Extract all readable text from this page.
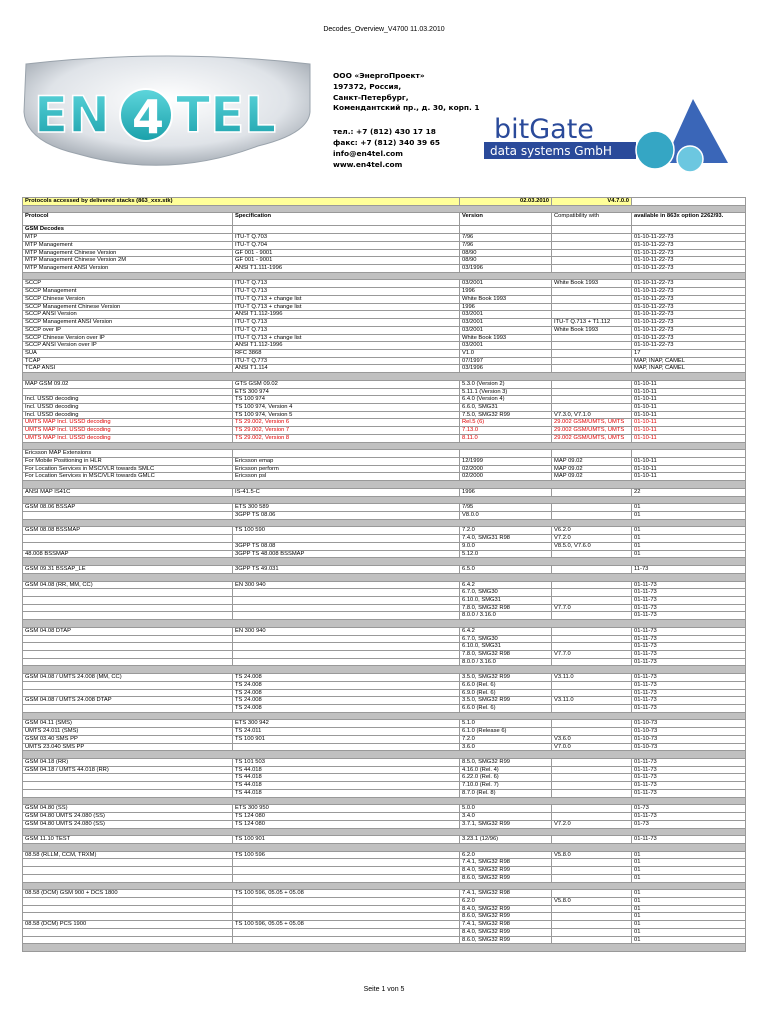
Decodes_Overview_V4700 11.03.2010
EN 4 TEL	bitGate
data systems GmbH
ООО «ЭнергоПроект»
197372, Россия,
Санкт-Петербург,
Комендантский пр., д. 30, корп. 1
тел.: +7 (812) 430 17 18
факс: +7 (812) 340 39 65
info@en4tel.com
www.en4tel.com
Protocols accessed by delivered stacks (863_xxx.stk)		02.03.2010	V4.7.0.0	

Protocol	Specification	Version	Compatibility with	available in 863x option 2262/93.
GSM Decodes				
MTP	ITU-T Q.703	7/96		01-10-11-22-73
MTP Management	ITU-T Q.704	7/96		01-10-11-22-73
MTP Management Chinese Version	GF 001 - 9001	08/90		01-10-11-22-73
MTP Management Chinese Version 2M	GF 001 - 9001	08/90		01-10-11-22-73
MTP Management ANSI Version	ANSI T1.111-1996	03/1996		01-10-11-22-73

SCCP	ITU-T Q.713	03/2001	White Book 1993	01-10-11-22-73
SCCP Management	ITU-T Q.713	1996		01-10-11-22-73
SCCP Chinese Version	ITU-T Q.713 + change list	White Book 1993		01-10-11-22-73
SCCP Management Chinese Version	ITU-T Q.713 + change list	1996		01-10-11-22-73
SCCP ANSI Version	ANSI T1.112-1996	03/2001		01-10-11-22-73
SCCP Management ANSI Version	ITU-T Q.713	03/2001	ITU-T Q.713 + T1.112	01-10-11-22-73
SCCP over IP	ITU-T Q.713	03/2001	White Book 1993	01-10-11-22-73
SCCP Chinese Version over IP	ITU-T Q.713 + change list	White Book 1993		01-10-11-22-73
SCCP ANSI Version over IP	ANSI T1.112-1996	03/2001		01-10-11-22-73
SUA	RFC 3868	V1.0		17
TCAP	ITU-T Q.773	07/1997		MAP, INAP, CAMEL
TCAP ANSI	ANSI T1.114	03/1996		MAP, INAP, CAMEL

MAP GSM 09.02	GTS GSM 09.02	5.3.0 (Version 2)		01-10-11
	ETS 300 974	5.11.1 (Version 3)		01-10-11
Incl. USSD decoding	TS 100 974	6.4.0 (Version 4)		01-10-11
Incl. USSD decoding	TS 100 974, Version 4	6.6.0, SMG31		01-10-11
Incl. USSD decoding	TS 100 974, Version 5	7.5.0, SMG32 R99	V7.3.0, V7.1.0	01-10-11
UMTS MAP Incl. USSD decoding	TS 29.002, Version 6	Rel.5 (6)	29.002 GSM/UMTS, UMTS	01-10-11
UMTS MAP Incl. USSD decoding	TS 29.002, Version 7	7.13.0	29.002 GSM/UMTS, UMTS	01-10-11
UMTS MAP Incl. USSD decoding	TS 29.002, Version 8	8.11.0	29.002 GSM/UMTS, UMTS	01-10-11

Ericsson MAP Extensions				
For Mobile Positioning in HLR	Ericsson emap	12/1999	MAP 09.02	01-10-11
For Location Services in MSC/VLR towards SMLC	Ericsson perform	02/2000	MAP 09.02	01-10-11
For Location Services in MSC/VLR towards GMLC	Ericsson psl	02/2000	MAP 09.02	01-10-11

ANSI MAP IS41C	IS-41.5-C	1996		22

GSM 08.06 BSSAP	ETS 300 589	7/95		01
	3GPP TS 08.06	V8.0.0		01

GSM 08.08 BSSMAP	TS 100 590	7.2.0	V6.2.0	01
		7.4.0, SMG31 R98	V7.2.0	01
	3GPP TS 08.08	9.0.0	V8.5.0, V7.6.0	01
48.008 BSSMAP	3GPP TS 48.008 BSSMAP	5.12.0		01

GSM 09.31 BSSAP_LE	3GPP TS 49.031	6.5.0		11-73

GSM 04.08 (RR, MM, CC)	EN 300 940	6.4.2		01-11-73
		6.7.0, SMG30		01-11-73
		6.10.0, SMG31		01-11-73
		7.8.0, SMG32 R98	V7.7.0	01-11-73
		8.0.0 / 3.16.0		01-11-73

GSM 04.08 DTAP	EN 300 940	6.4.2		01-11-73
		6.7.0, SMG30		01-11-73
		6.10.0, SMG31		01-11-73
		7.8.0, SMG32 R98	V7.7.0	01-11-73
		8.0.0 / 3.16.0		01-11-73

GSM 04.08 / UMTS 24.008 (MM, CC)	TS 24.008	3.5.0, SMG32 R99	V3.11.0	01-11-73
	TS 24.008	6.6.0 (Rel. 6)		01-11-73
	TS 24.008	6.9.0 (Rel. 6)		01-11-73
GSM 04.08 / UMTS 24.008 DTAP	TS 24.008	3.5.0, SMG32 R99	V3.11.0	01-11-73
	TS 24.008	6.6.0 (Rel. 6)		01-11-73

GSM 04.11 (SMS)	ETS 300 942	5.1.0		01-10-73
UMTS 24.011 (SMS)	TS 24.011	6.1.0 (Release 6)		01-10-73
GSM 03.40 SMS PP	TS 100 901	7.2.0	V3.6.0	01-10-73
UMTS 23.040 SMS PP		3.6.0	V7.0.0	01-10-73

GSM 04.18 (RR)	TS 101 503	8.5.0, SMG32 R99		01-11-73
GSM 04.18 / UMTS 44.018 (RR)	TS 44.018	4.16.0 (Rel. 4)		01-11-73
	TS 44.018	6.22.0 (Rel. 6)		01-11-73
	TS 44.018	7.10.0 (Rel. 7)		01-11-73
	TS 44.018	8.7.0 (Rel. 8)		01-11-73

GSM 04.80 (SS)	ETS 300 950	5.0.0		01-73
GSM 04.80 UMTS 24.080 (SS)	TS 124 080	3.4.0		01-11-73
GSM 04.80 UMTS 24.080 (SS)	TS 124 080	3.7.1, SMG32 R99	V7.2.0	01-73

GSM 11.10 TEST	TS 100 901	3.23.1 (12/96)		01-11-73

08.58 (RLLM, CCM, TRXM)	TS 100 596	6.2.0	V5.8.0	01
		7.4.1, SMG32 R98		01
		8.4.0, SMG32 R99		01
		8.6.0, SMG32 R99		01

08.58 (DCM) GSM 900 + DCS 1800	TS 100 596, 05.05 + 05.08	7.4.1, SMG32 R98		01
		6.2.0	V5.8.0	01
		8.4.0, SMG32 R99		01
		8.6.0, SMG32 R99		01
08.58 (DCM) PCS 1900	TS 100 596, 05.05 + 05.08	7.4.1, SMG32 R98		01
		8.4.0, SMG32 R99		01
		8.6.0, SMG32 R99		01

Seite 1 von 5
